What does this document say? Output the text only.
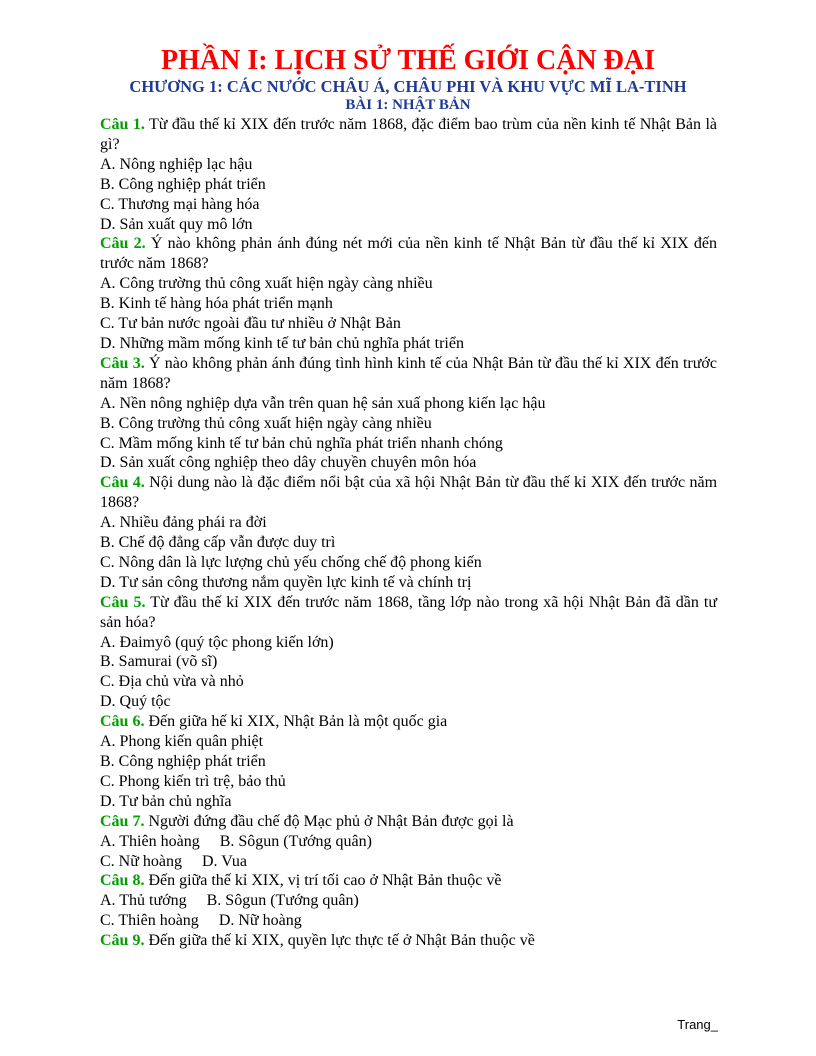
PHẦN I: LỊCH SỬ THẾ GIỚI CẬN ĐẠI
CHƯƠNG 1: CÁC NƯỚC CHÂU Á, CHÂU PHI VÀ KHU VỰC MĨ LA-TINH
BÀI 1: NHẬT BẢN

Câu 1. Từ đầu thế kỉ XIX đến trước năm 1868, đặc điểm bao trùm của nền kinh tế Nhật Bản là gì?

A. Nông nghiệp lạc hậu

B. Công nghiệp phát triển

C. Thương mại hàng hóa

D. Sản xuất quy mô lớn

Câu 2. Ý nào không phản ánh đúng nét mới của nền kinh tế Nhật Bản từ đầu thế kỉ XIX đến trước năm 1868?

A. Công trường thủ công xuất hiện ngày càng nhiều

B. Kinh tế hàng hóa phát triển mạnh

C. Tư bản nước ngoài đầu tư nhiều ở Nhật Bản

D. Những mầm mống kinh tế tư bản chủ nghĩa phát triển

Câu 3. Ý nào không phản ánh đúng tình hình kinh tế của Nhật Bản từ đầu thế kỉ XIX đến trước năm 1868?

A. Nền nông nghiệp dựa vẫn trên quan hệ sản xuấ phong kiến lạc hậu

B. Công trường thủ công xuất hiện ngày càng nhiều

C. Mầm mống kinh tế tư bản chủ nghĩa phát triển nhanh chóng

D. Sản xuất công nghiệp theo dây chuyền chuyên môn hóa

Câu 4. Nội dung nào là đặc điểm nổi bật của xã hội Nhật Bản từ đầu thế kỉ XIX đến trước năm 1868?

A. Nhiều đảng phái ra đời

B. Chế độ đẳng cấp vẫn được duy trì

C. Nông dân là lực lượng chủ yếu chống chế độ phong kiến

D. Tư sản công thương nắm quyền lực kinh tế và chính trị

Câu 5. Từ đầu thế kỉ XIX đến trước năm 1868, tầng lớp nào trong xã hội Nhật Bản đã dần tư sản hóa?

A. Đaimyô (quý tộc phong kiến lớn)

B. Samurai (võ sĩ)

C. Địa chủ vừa và nhỏ

D. Quý tộc

Câu 6. Đến giữa hế kỉ XIX, Nhật Bản là một quốc gia

A. Phong kiến quân phiệt

B. Công nghiệp phát triển

C. Phong kiến trì trệ, bảo thủ

D. Tư bản chủ nghĩa

Câu 7. Người đứng đầu chế độ Mạc phủ ở Nhật Bản được gọi là

A. Thiên hoàng B. Sôgun (Tướng quân)

C. Nữ hoàng D. Vua

Câu 8. Đến giữa thế kỉ XIX, vị trí tối cao ở Nhật Bản thuộc về

A. Thủ tướng B. Sôgun (Tướng quân)

C. Thiên hoàng D. Nữ hoàng

Câu 9. Đến giữa thế kỉ XIX, quyền lực thực tế ở Nhật Bản thuộc về

Trang_
